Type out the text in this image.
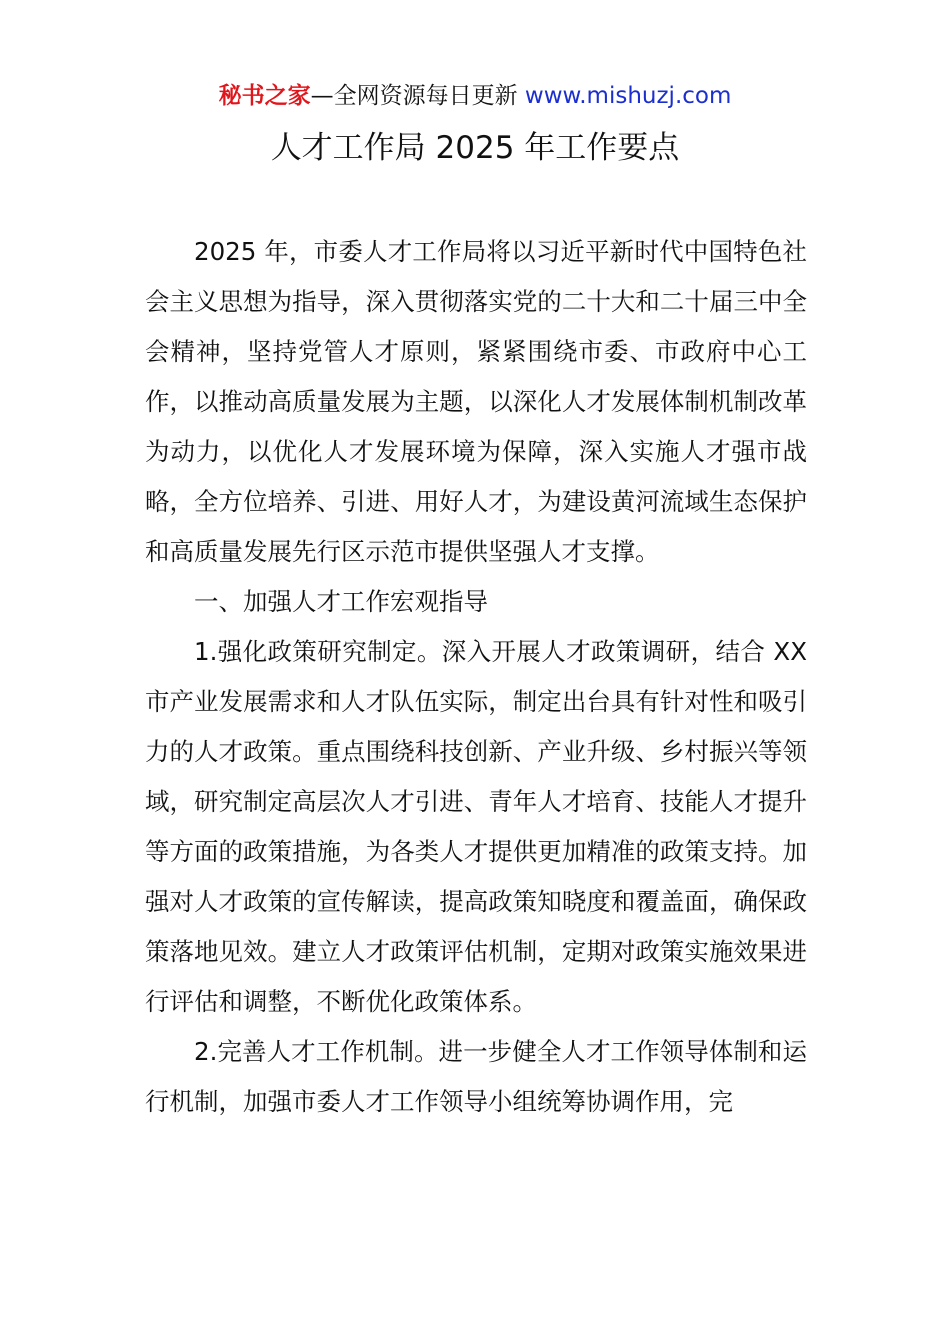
秘书之家—全网资源每日更新 www.mishuzj.com
人才工作局 2025 年工作要点

2025 年，市委人才工作局将以习近平新时代中国特色社会主义思想为指导，深入贯彻落实党的二十大和二十届三中全会精神，坚持党管人才原则，紧紧围绕市委、市政府中心工作，以推动高质量发展为主题，以深化人才发展体制机制改革为动力，以优化人才发展环境为保障，深入实施人才强市战略，全方位培养、引进、用好人才，为建设黄河流域生态保护和高质量发展先行区示范市提供坚强人才支撑。

一、加强人才工作宏观指导

1.强化政策研究制定。深入开展人才政策调研，结合 XX 市产业发展需求和人才队伍实际，制定出台具有针对性和吸引力的人才政策。重点围绕科技创新、产业升级、乡村振兴等领域，研究制定高层次人才引进、青年人才培育、技能人才提升等方面的政策措施，为各类人才提供更加精准的政策支持。加强对人才政策的宣传解读，提高政策知晓度和覆盖面，确保政策落地见效。建立人才政策评估机制，定期对政策实施效果进行评估和调整，不断优化政策体系。

2.完善人才工作机制。进一步健全人才工作领导体制和运行机制，加强市委人才工作领导小组统筹协调作用，完
